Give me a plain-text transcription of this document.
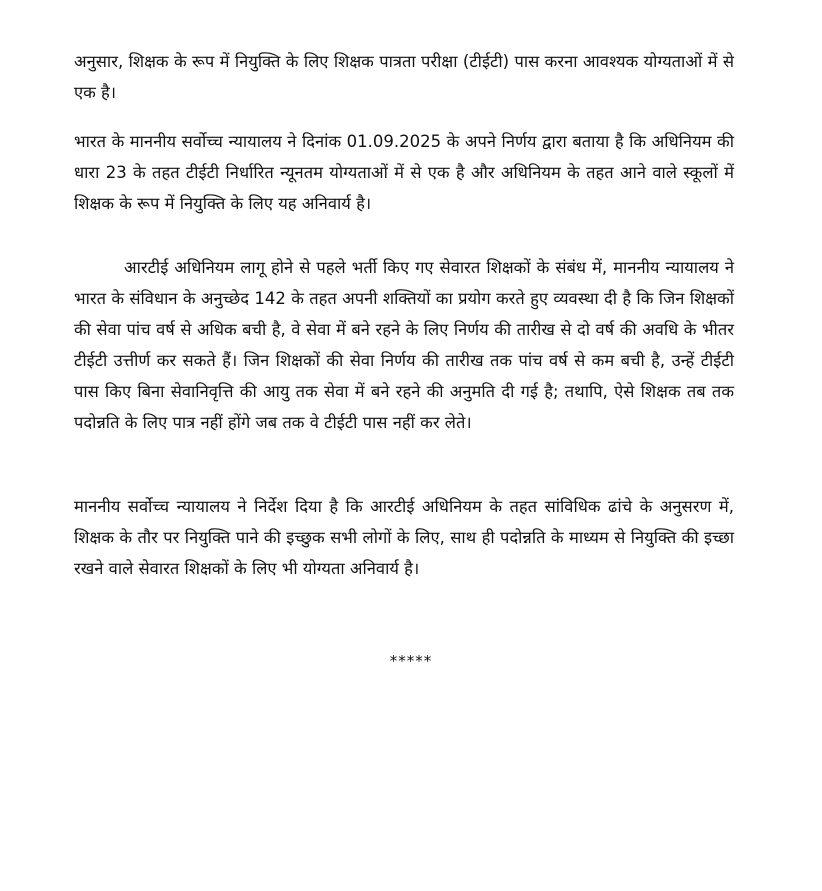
अनुसार, शिक्षक के रूप में नियुक्ति के लिए शिक्षक पात्रता परीक्षा (टीईटी) पास करना आवश्यक योग्यताओं में से एक है।

भारत के माननीय सर्वोच्च न्यायालय ने दिनांक 01.09.2025 के अपने निर्णय द्वारा बताया है कि अधिनियम की धारा 23 के तहत टीईटी निर्धारित न्यूनतम योग्यताओं में से एक है और अधिनियम के तहत आने वाले स्कूलों में शिक्षक के रूप में नियुक्ति के लिए यह अनिवार्य है।

आरटीई अधिनियम लागू होने से पहले भर्ती किए गए सेवारत शिक्षकों के संबंध में, माननीय न्यायालय ने भारत के संविधान के अनुच्छेद 142 के तहत अपनी शक्तियों का प्रयोग करते हुए व्यवस्था दी है कि जिन शिक्षकों की सेवा पांच वर्ष से अधिक बची है, वे सेवा में बने रहने के लिए निर्णय की तारीख से दो वर्ष की अवधि के भीतर टीईटी उत्तीर्ण कर सकते हैं। जिन शिक्षकों की सेवा निर्णय की तारीख तक पांच वर्ष से कम बची है, उन्हें टीईटी पास किए बिना सेवानिवृत्ति की आयु तक सेवा में बने रहने की अनुमति दी गई है; तथापि, ऐसे शिक्षक तब तक पदोन्नति के लिए पात्र नहीं होंगे जब तक वे टीईटी पास नहीं कर लेते।

माननीय सर्वोच्च न्यायालय ने निर्देश दिया है कि आरटीई अधिनियम के तहत सांविधिक ढांचे के अनुसरण में, शिक्षक के तौर पर नियुक्ति पाने की इच्छुक सभी लोगों के लिए, साथ ही पदोन्नति के माध्यम से नियुक्ति की इच्छा रखने वाले सेवारत शिक्षकों के लिए भी योग्यता अनिवार्य है।

*****
